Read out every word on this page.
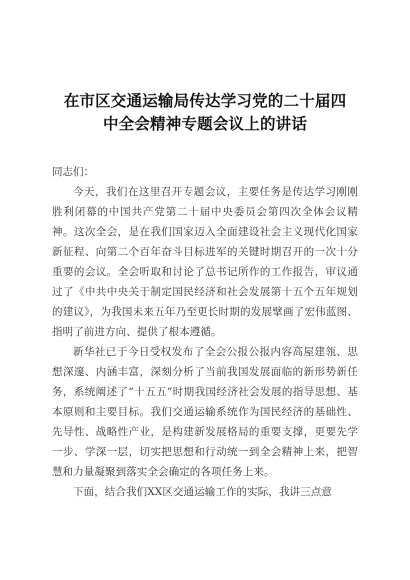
在市区交通运输局传达学习党的二十届四
中全会精神专题会议上的讲话

同志们：

今天，我们在这里召开专题会议，主要任务是传达学习刚刚胜利闭幕的中国共产党第二十届中央委员会第四次全体会议精神。这次全会，是在我们国家迈入全面建设社会主义现代化国家新征程、向第二个百年奋斗目标进军的关键时期召开的一次十分重要的会议。全会听取和讨论了总书记所作的工作报告，审议通过了《中共中央关于制定国民经济和社会发展第十五个五年规划的建议》，为我国未来五年乃至更长时期的发展擘画了宏伟蓝图、指明了前进方向、提供了根本遵循。

新华社已于今日受权发布了全会公报公报内容高屋建瓴、思想深邃、内涵丰富，深刻分析了当前我国发展面临的新形势新任务，系统阐述了“十五五”时期我国经济社会发展的指导思想、基本原则和主要目标。我们交通运输系统作为国民经济的基础性、先导性、战略性产业，是构建新发展格局的重要支撑，更要先学一步、学深一层，切实把思想和行动统一到全会精神上来，把智慧和力量凝聚到落实全会确定的各项任务上来。

下面，结合我们XX区交通运输工作的实际，我讲三点意
